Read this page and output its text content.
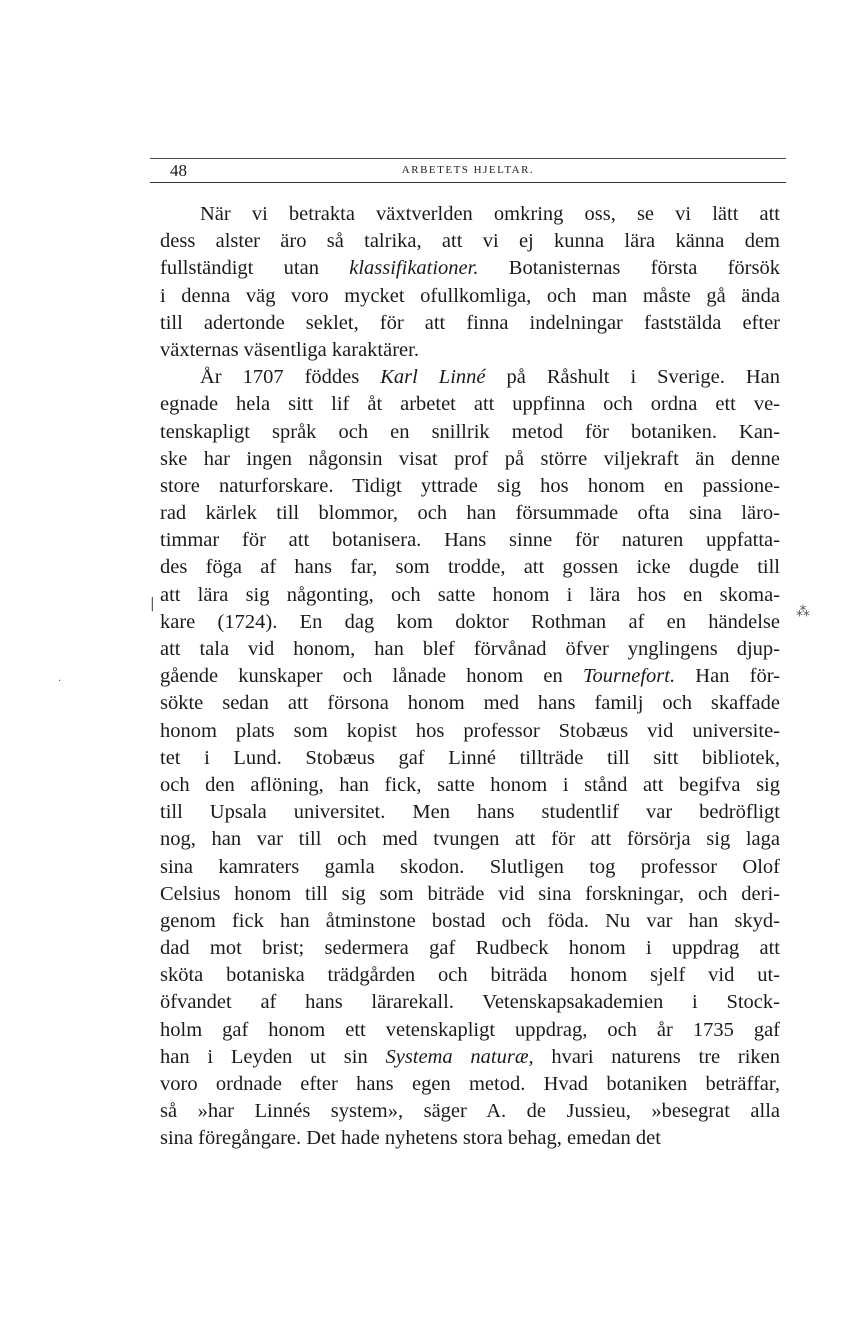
48	ARBETETS HJELTAR.
När vi betrakta växtverlden omkring oss, se vi lätt att
dess alster äro så talrika, att vi ej kunna lära känna dem
fullständigt utan klassifikationer. Botanisternas första försök
i denna väg voro mycket ofullkomliga, och man måste gå ända
till adertonde seklet, för att finna indelningar faststälda efter
växternas väsentliga karaktärer.
År 1707 föddes Karl Linné på Råshult i Sverige. Han
egnade hela sitt lif åt arbetet att uppfinna och ordna ett ve-
tenskapligt språk och en snillrik metod för botaniken. Kan-
ske har ingen någonsin visat prof på större viljekraft än denne
store naturforskare. Tidigt yttrade sig hos honom en passione-
rad kärlek till blommor, och han försummade ofta sina läro-
timmar för att botanisera. Hans sinne för naturen uppfatta-
des föga af hans far, som trodde, att gossen icke dugde till
att lära sig någonting, och satte honom i lära hos en skoma-
kare (1724). En dag kom doktor Rothman af en händelse
att tala vid honom, han blef förvånad öfver ynglingens djup-
gående kunskaper och lånade honom en Tournefort. Han för-
sökte sedan att försona honom med hans familj och skaffade
honom plats som kopist hos professor Stobæus vid universite-
tet i Lund. Stobæus gaf Linné tillträde till sitt bibliotek,
och den aflöning, han fick, satte honom i stånd att begifva sig
till Upsala universitet. Men hans studentlif var bedröfligt
nog, han var till och med tvungen att för att försörja sig laga
sina kamraters gamla skodon. Slutligen tog professor Olof
Celsius honom till sig som biträde vid sina forskningar, och deri-
genom fick han åtminstone bostad och föda. Nu var han skyd-
dad mot brist; sedermera gaf Rudbeck honom i uppdrag att
sköta botaniska trädgården och biträda honom sjelf vid ut-
öfvandet af hans lärarekall. Vetenskapsakademien i Stock-
holm gaf honom ett vetenskapligt uppdrag, och år 1735 gaf
han i Leyden ut sin Systema naturæ, hvari naturens tre riken
voro ordnade efter hans egen metod. Hvad botaniken beträffar,
så »har Linnés system», säger A. de Jussieu, »besegrat alla
sina föregångare. Det hade nyhetens stora behag, emedan det
|
·
⁂
